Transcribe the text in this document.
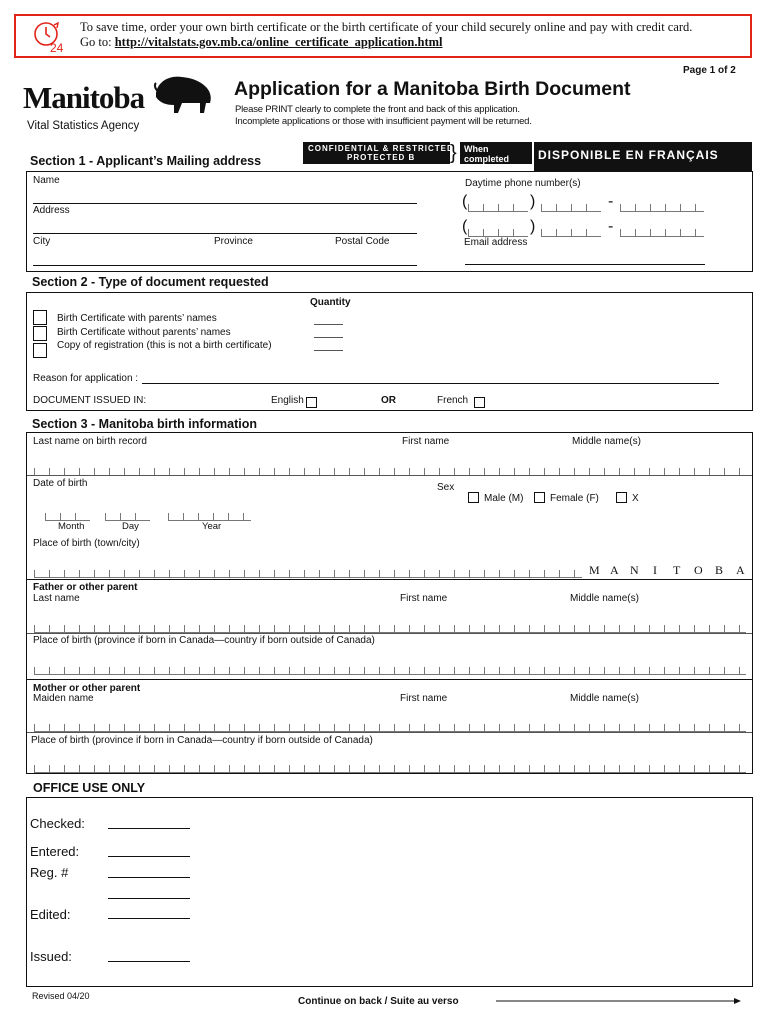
24
To save time, order your own birth certificate or the birth certificate of your child securely online and pay with credit card.
Go to: http://vitalstats.gov.mb.ca/online_certificate_application.html
Page 1 of 2
Manitoba
Vital Statistics Agency
Application for a Manitoba Birth Document
Please PRINT clearly to complete the front and back of this application.
Incomplete applications or those with insufficient payment will be returned.
CONFIDENTIAL & RESTRICTED
PROTECTED B } When
completed DISPONIBLE EN FRANÇAIS
Section 1 - Applicant’s Mailing address
Name
Address
City	Province	Postal Code
Daytime phone number(s)
(	)	-
(	)	-
Email address
Section 2 - Type of document requested
Quantity
Birth Certificate with parents’ names
Birth Certificate without parents’ names
Copy of registration (this is not a birth certificate)
Reason for application :
DOCUMENT ISSUED IN:	English	OR	French
Section 3 - Manitoba birth information
Last name on birth record	First name	Middle name(s)
Date of birth
Month	Day	Year
Sex
Male (M)	Female (F)	X
Place of birth (town/city)
M A N I T O B A
Father or other parent
Last name	First name	Middle name(s)
Place of birth (province if born in Canada—country if born outside of Canada)
Mother or other parent
Maiden name	First name	Middle name(s)
Place of birth (province if born in Canada—country if born outside of Canada)
OFFICE USE ONLY
Checked:
Entered:
Reg. #
Edited:
Issued:
Revised 04/20	Continue on back / Suite au verso
